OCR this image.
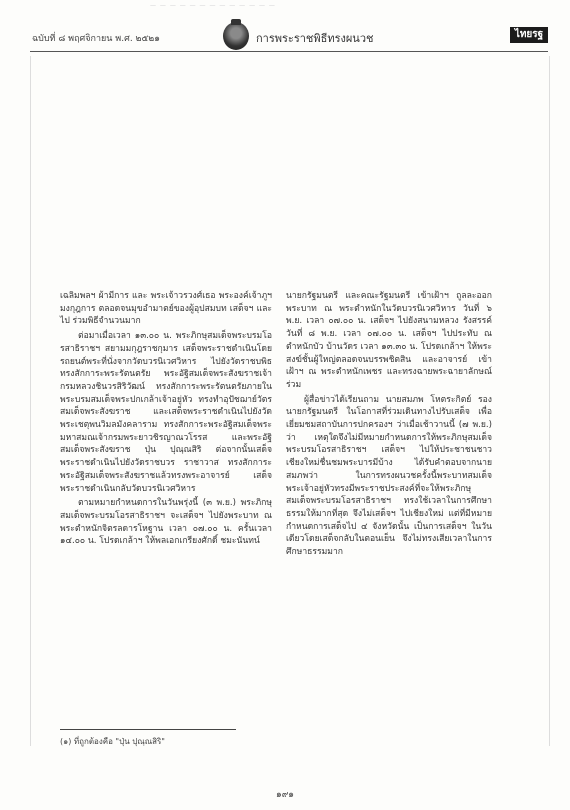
— — — — — — — — — — — — —
ฉบับที่ ๘ พฤศจิกายน พ.ศ. ๒๕๒๑	การพระราชพิธีทรงผนวช	ไทยรฐ

เฉลิมพลฯ ผ้ามีการ และ พระเจ้าวรวงศ์เธอ พระองค์เจ้าภูฯ มงกุฎการ ตลอดจนมุขอำมาตย์ของผู้อุปสมบท เสด็จฯ และไป ร่วมพิธีจำนวนมาก

ต่อมาเมื่อเวลา ๑๓.๐๐ น. พระภิกษุสมเด็จพระบรมโอรสาธิราชฯ สยามมกุฎราชกุมาร เสด็จพระราชดำเนินโดยรถยนต์พระที่นั่งจากวัดบวรนิเวศวิหาร ไปยังวัดราชบพิธ ทรงสักการะพระรัตนตรัย พระอัฐิสมเด็จพระสังฆราชเจ้ากรมหลวงชินวรสิริวัฒน์ ทรงสักการะพระรัตนตรัยภายในพระบรมสมเด็จพระปกเกล้าเจ้าอยู่หัว ทรงทำอุปัชฌาย์วัตร สมเด็จพระสังฆราช และเสด็จพระราชดำเนินไปยังวัดพระเชตุพนวิมลมังคลาราม ทรงสักการะพระอัฐิสมเด็จพระมหาสมณเจ้ากรมพระยาวชิรญาณวโรรส และพระอัฐิสมเด็จพระสังฆราช ปุ่น ปุณฺณสิริ ต่อจากนั้นเสด็จพระราชดำเนินไปยังวัดราชบวร ราชาวาส ทรงสักการะพระอัฐิสมเด็จพระสังฆราชแล้วทรงพระอาจารย์ เสด็จพระราชดำเนินกลับวัดบวรนิเวศวิหาร

ตามหมายกำหนดการในวันพรุ่งนี้ (๓ พ.ย.) พระภิกษุสมเด็จพระบรมโอรสาธิราชฯ จะเสด็จฯ ไปยังพระบาท ณ พระตำหนักจิตรลดารโหฐาน เวลา ๐๗.๐๐ น. ครั้นเวลา ๑๔.๐๐ น. โปรดเกล้าฯ ให้พลเอกเกรียงศักดิ์ ชมะนันทน์

นายกรัฐมนตรี และคณะรัฐมนตรี เข้าเฝ้าฯ ถูลละออกพระบาท ณ พระตำหนักในวัดบวรนิเวศวิหาร วันที่ ๖ พ.ย. เวลา ๐๗.๐๐ น. เสด็จฯ ไปยังสนามหลวง รังสรรค์ วันที่ ๘ พ.ย. เวลา ๐๗.๐๐ น. เสด็จฯ ไปประทับ ณ ตำหนักบัว บ้านวัดร เวลา ๑๓.๓๐ น. โปรดเกล้าฯ ให้พระสงฆ์ชั้นผู้ใหญ่ตลอดจนบรรพชิตสิน และอาจารย์ เข้าเฝ้าฯ ณ พระตำหนักเพชร และทรงฉายพระฉายาลักษณ์ร่วม

ผู้สื่อข่าวได้เรียนถาม นายสมภพ โหตระกิตย์ รองนายกรัฐมนตรี ในโอกาสที่ร่วมเดินทางไปรับเสด็จ เพื่อเยี่ยมชมสถาบันการปกครองฯ ว่าเมื่อเช้าวานนี้ (๗ พ.ย.) ว่า เหตุใดจึงไม่มีหมายกำหนดการให้พระภิกษุสมเด็จพระบรมโอรสาธิราชฯ เสด็จฯ ไปให้ประชาชนชาวเชียงใหม่ชื่นชมพระบารมีบ้าง ได้รับคำตอบจากนายสมภพว่า ในการทรงผนวชครั้งนี้พระบาทสมเด็จพระเจ้าอยู่หัวทรงมีพระราชประสงค์ที่จะให้พระภิกษุสมเด็จพระบรมโอรสาธิราชฯ ทรงใช้เวลาในการศึกษาธรรมให้มากที่สุด จึงไม่เสด็จฯ ไปเชียงใหม่ แต่ที่มีหมายกำหนดการเสด็จไป ๔ จังหวัดนั้น เป็นการเสด็จฯ ในวันเดียวโดยเสด็จกลับในตอนเย็น จึงไม่ทรงเสียเวลาในการศึกษาธรรมมาก

(๑) ที่ถูกต้องคือ "ปุ่น ปุณฺณสิริ"
๑๙๑
